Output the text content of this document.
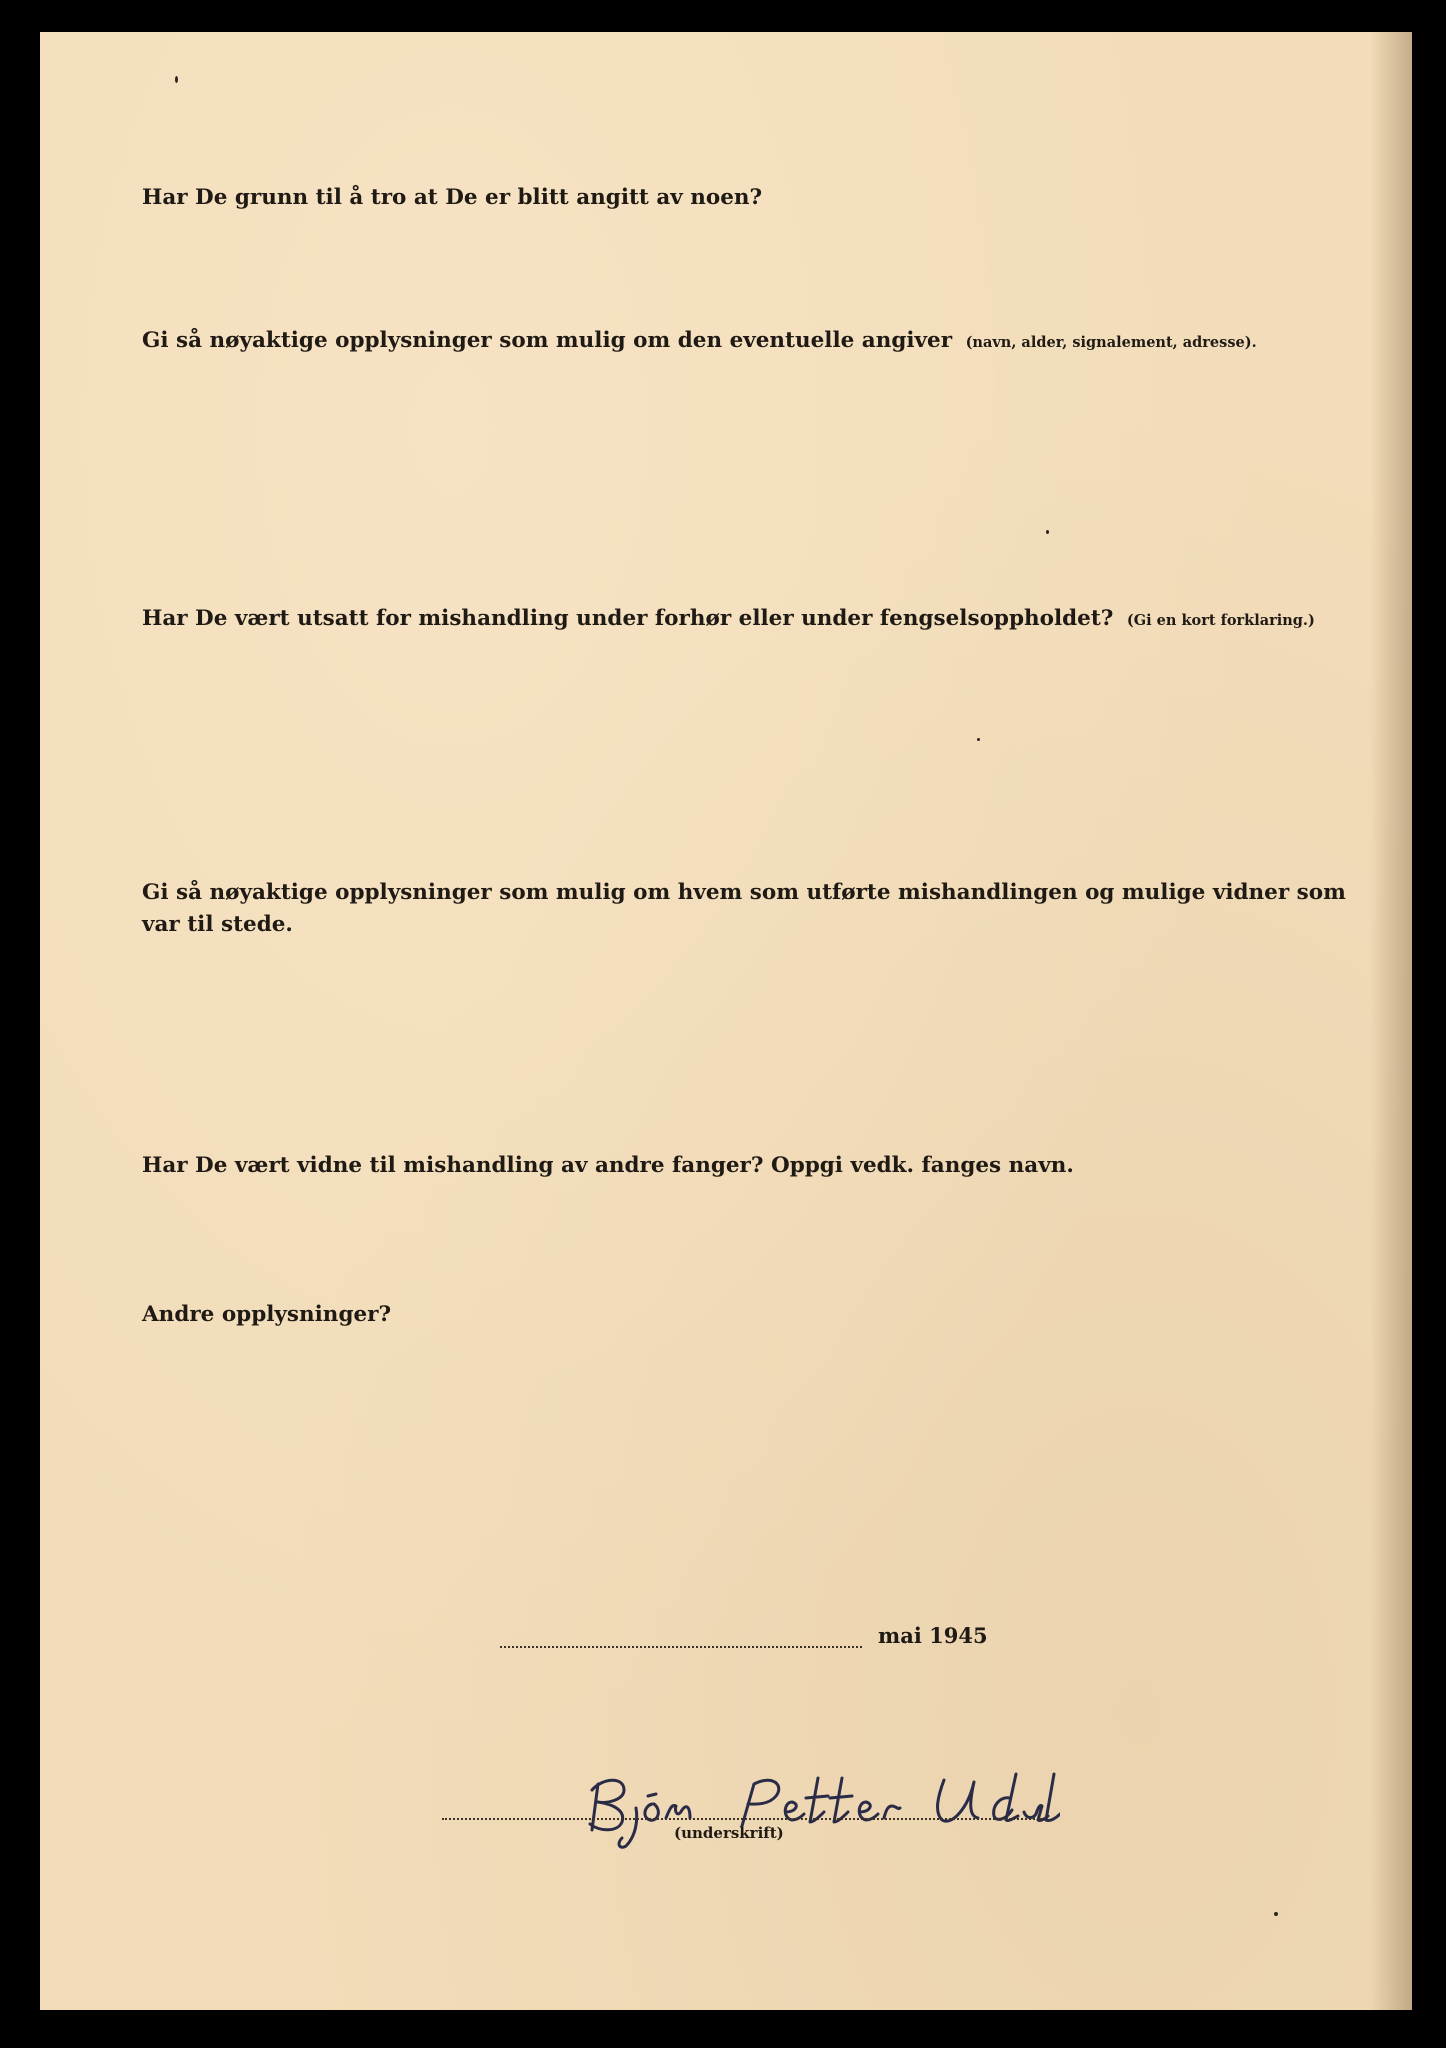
Har De grunn til å tro at De er blitt angitt av noen?

Gi så nøyaktige opplysninger som mulig om den eventuelle angiver (navn, alder, signalement, adresse).

Har De vært utsatt for mishandling under forhør eller under fengselsoppholdet? (Gi en kort forklaring.)

Gi så nøyaktige opplysninger som mulig om hvem som utførte mishandlingen og mulige vidner som var til stede.

Har De vært vidne til mishandling av andre fanger? Oppgi vedk. fanges navn.

Andre opplysninger?

mai 1945
(underskrift)
